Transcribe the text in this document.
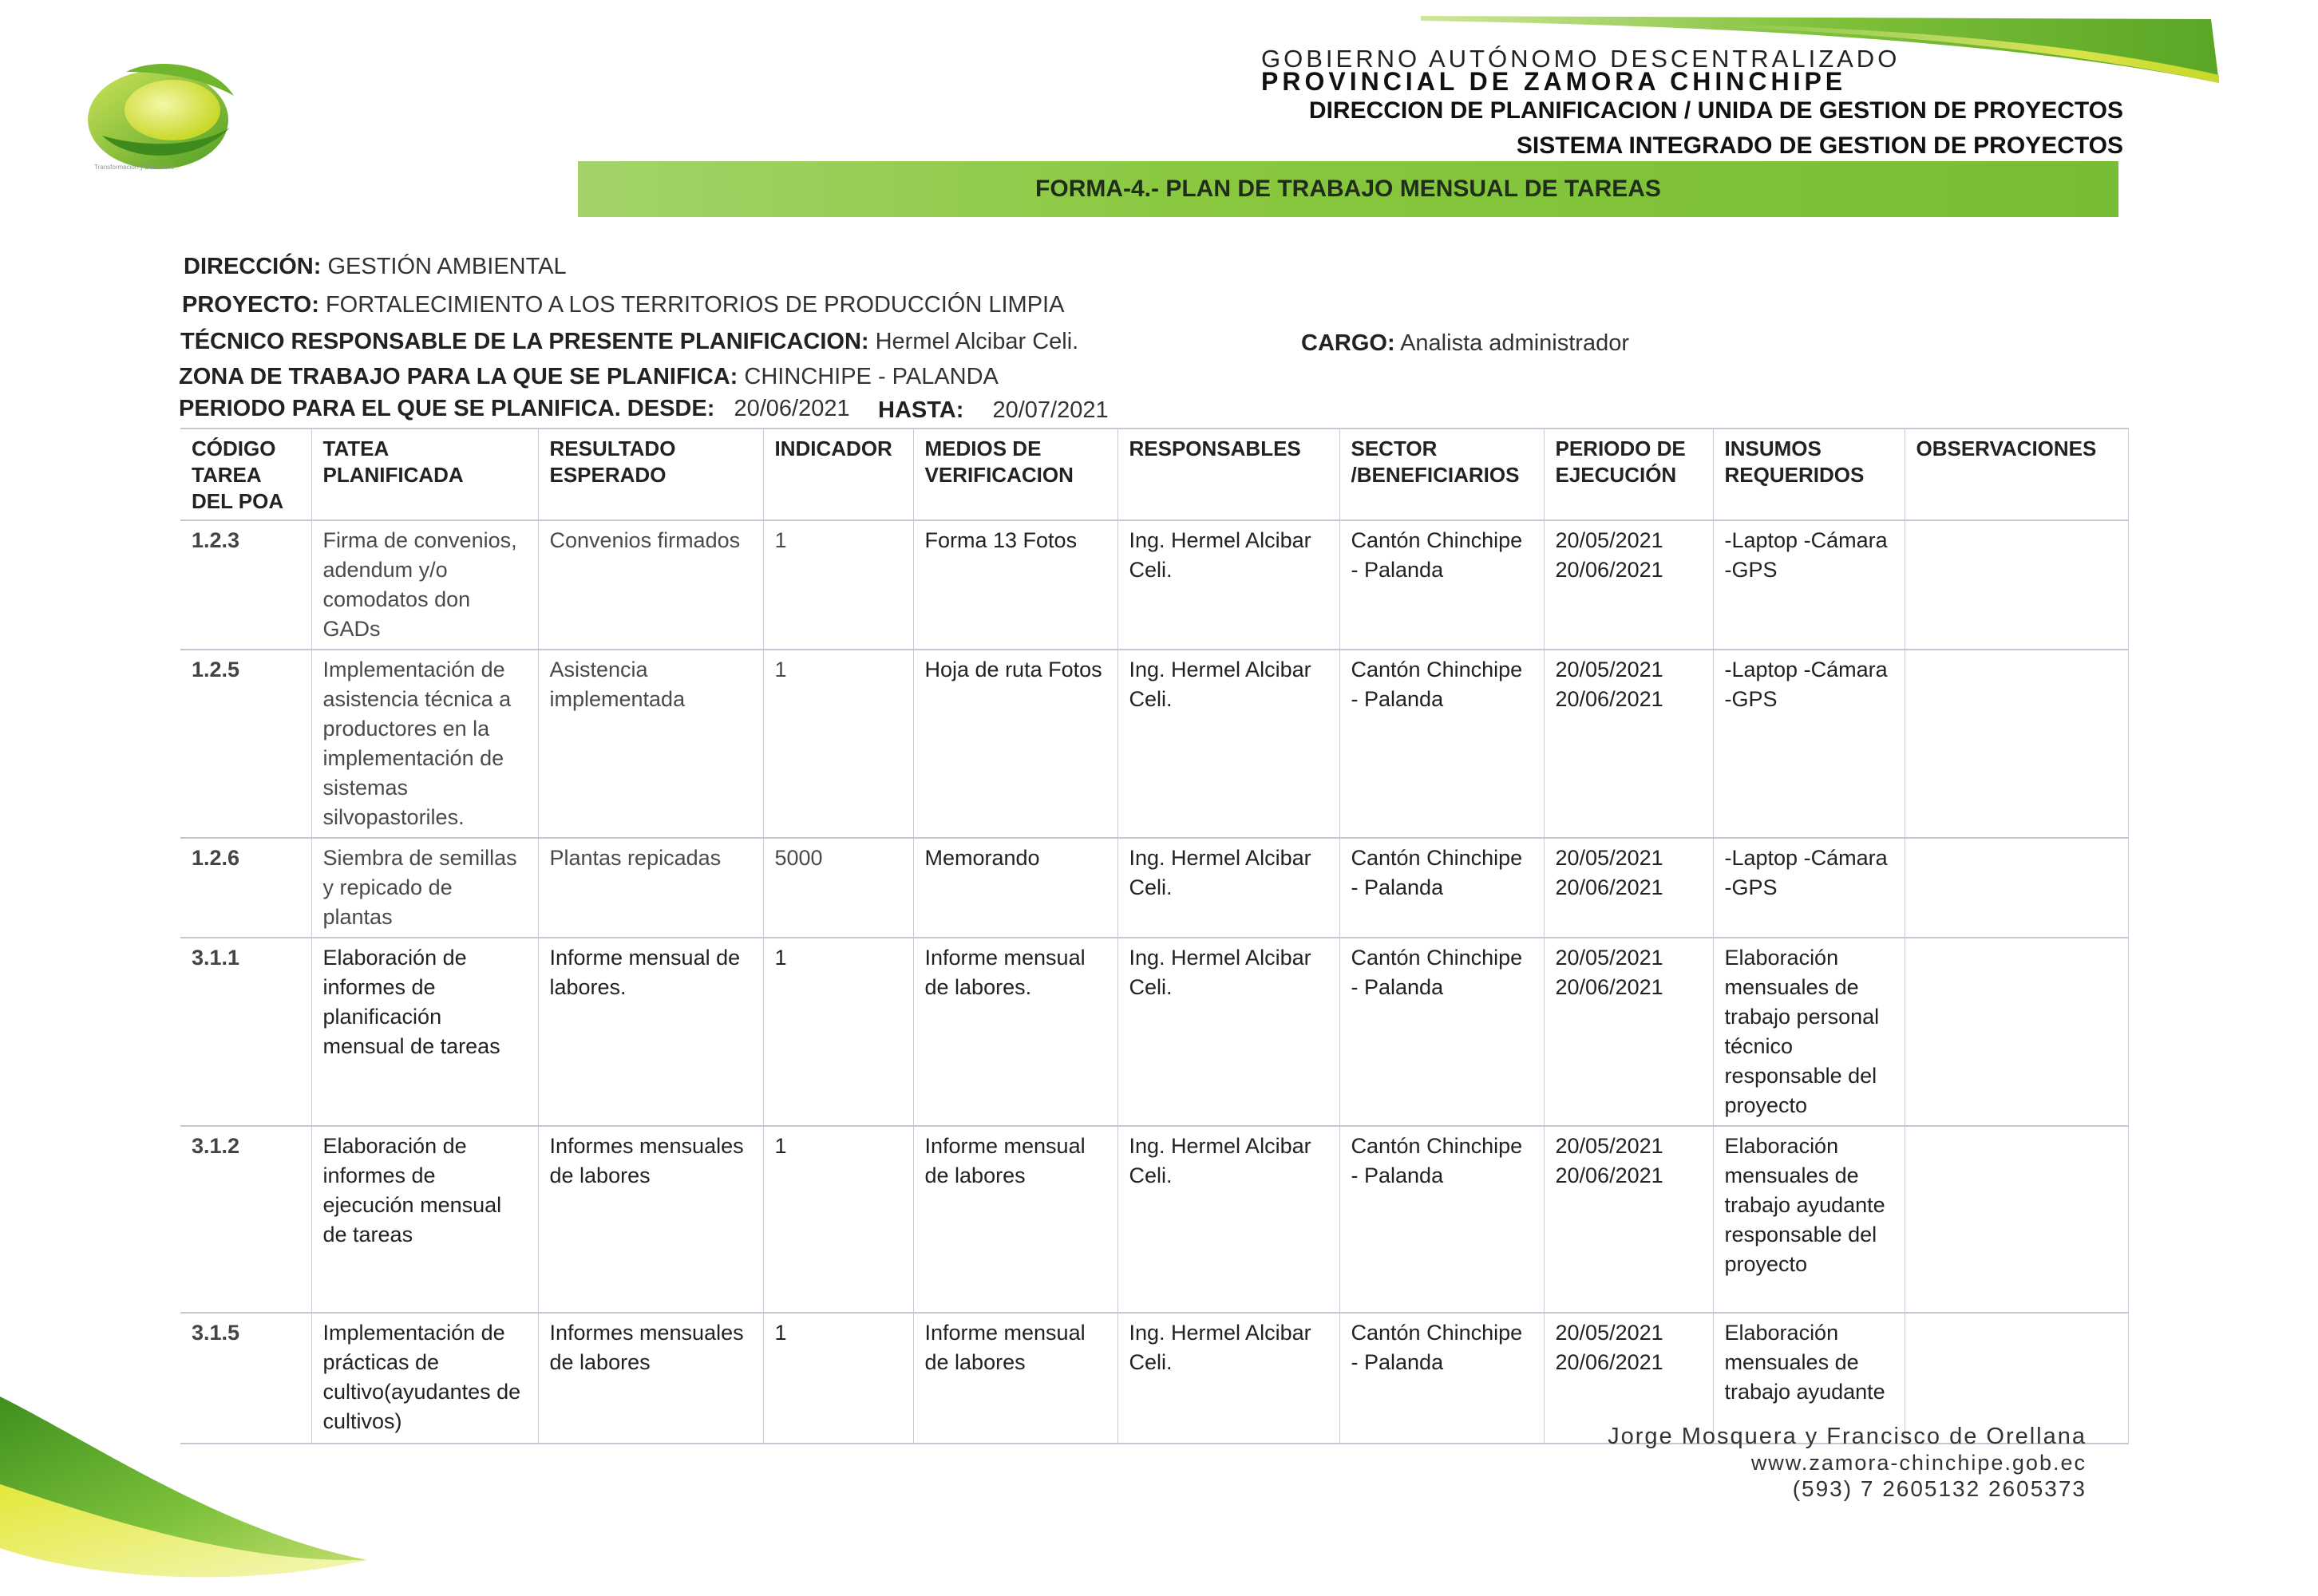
Transformación y Desarrollo
GOBIERNO AUTÓNOMO DESCENTRALIZADO
PROVINCIAL DE ZAMORA CHINCHIPE
DIRECCION DE PLANIFICACION / UNIDA DE GESTION DE PROYECTOS
SISTEMA INTEGRADO DE GESTION DE PROYECTOS
FORMA-4.- PLAN DE TRABAJO MENSUAL DE TAREAS
DIRECCIÓN: GESTIÓN AMBIENTAL
PROYECTO: FORTALECIMIENTO A LOS TERRITORIOS DE PRODUCCIÓN LIMPIA
TÉCNICO RESPONSABLE DE LA PRESENTE PLANIFICACION: Hermel Alcibar Celi.	CARGO: Analista administrador
ZONA DE TRABAJO PARA LA QUE SE PLANIFICA: CHINCHIPE - PALANDA
PERIODO PARA EL QUE SE PLANIFICA. DESDE: 20/06/2021 HASTA: 20/07/2021
CÓDIGO TAREA DEL POA	TATEA PLANIFICADA	RESULTADO ESPERADO	INDICADOR	MEDIOS DE VERIFICACION	RESPONSABLES	SECTOR /BENEFICIARIOS	PERIODO DE EJECUCIÓN	INSUMOS REQUERIDOS	OBSERVACIONES
1.2.3	Firma de convenios, adendum y/o comodatos don GADs	Convenios firmados	1	Forma 13 Fotos	Ing. Hermel Alcibar Celi.	Cantón Chinchipe - Palanda	20/05/2021 20/06/2021	-Laptop -Cámara -GPS	
1.2.5	Implementación de asistencia técnica a productores en la implementación de sistemas silvopastoriles.	Asistencia implementada	1	Hoja de ruta Fotos	Ing. Hermel Alcibar Celi.	Cantón Chinchipe - Palanda	20/05/2021 20/06/2021	-Laptop -Cámara -GPS	
1.2.6	Siembra de semillas y repicado de plantas	Plantas repicadas	5000	Memorando	Ing. Hermel Alcibar Celi.	Cantón Chinchipe - Palanda	20/05/2021 20/06/2021	-Laptop -Cámara -GPS	
3.1.1	Elaboración de informes de planificación mensual de tareas	Informe mensual de labores.	1	Informe mensual de labores.	Ing. Hermel Alcibar Celi.	Cantón Chinchipe - Palanda	20/05/2021 20/06/2021	Elaboración mensuales de trabajo personal técnico responsable del proyecto	
3.1.2	Elaboración de informes de ejecución mensual de tareas	Informes mensuales de labores	1	Informe mensual de labores	Ing. Hermel Alcibar Celi.	Cantón Chinchipe - Palanda	20/05/2021 20/06/2021	Elaboración mensuales de trabajo ayudante responsable del proyecto	
3.1.5	Implementación de prácticas de cultivo(ayudantes de cultivos)	Informes mensuales de labores	1	Informe mensual de labores	Ing. Hermel Alcibar Celi.	Cantón Chinchipe - Palanda	20/05/2021 20/06/2021	Elaboración mensuales de trabajo ayudante	
Jorge Mosquera y Francisco de Orellana
www.zamora-chinchipe.gob.ec
(593) 7 2605132 2605373
